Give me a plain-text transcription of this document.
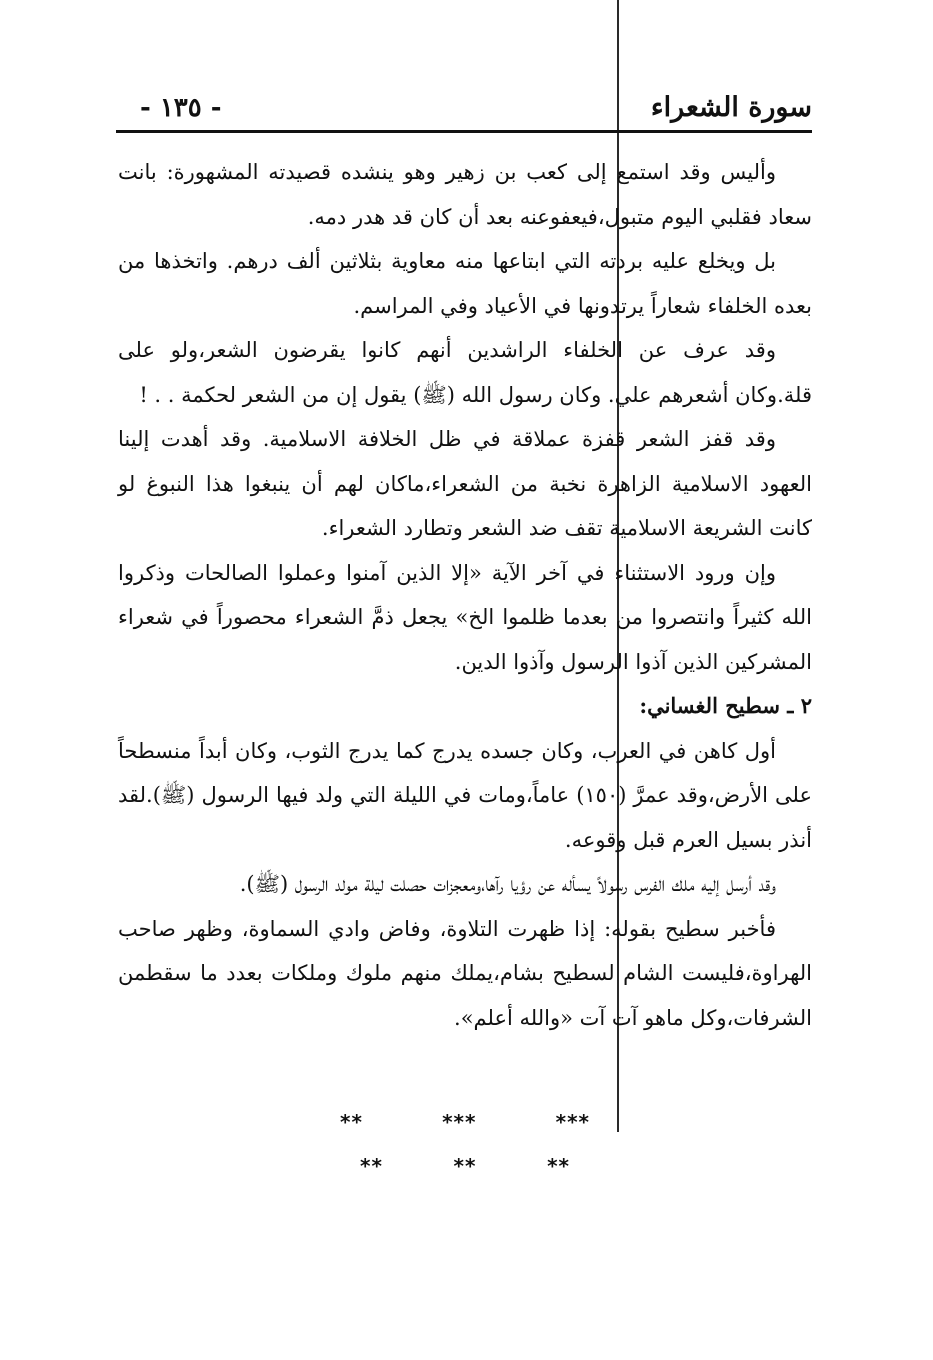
سورة الشعراء
- ١٣٥ -

وأليس وقد استمع إلى كعب بن زهير وهو ينشده قصيدته المشهورة: بانت سعاد فقلبي اليوم متبول،فيعفوعنه بعد أن كان قد هدر دمه.

بل ويخلع عليه بردته التي ابتاعها منه معاوية بثلاثين ألف درهم. واتخذها من بعده الخلفاء شعاراً يرتدونها في الأعياد وفي المراسم.

وقد عرف عن الخلفاء الراشدين أنهم كانوا يقرضون الشعر،ولو على قلة.وكان أشعرهم علي. وكان رسول الله (ﷺ) يقول إن من الشعر لحكمة . . !

وقد قفز الشعر قفزة عملاقة في ظل الخلافة الاسلامية. وقد أهدت إلينا العهود الاسلامية الزاهرة نخبة من الشعراء،ماكان لهم أن ينبغوا هذا النبوغ لو كانت الشريعة الاسلامية تقف ضد الشعر وتطارد الشعراء.

وإن ورود الاستثناء في آخر الآية «إلا الذين آمنوا وعملوا الصالحات وذكروا الله كثيراً وانتصروا من بعدما ظلموا الخ» يجعل ذمَّ الشعراء محصوراً في شعراء المشركين الذين آذوا الرسول وآذوا الدين.

٢ ـ سطيح الغساني:

أول كاهن في العرب، وكان جسده يدرج كما يدرج الثوب، وكان أبداً منسطحاً على الأرض،وقد عمرَّ (١٥٠) عاماً،ومات في الليلة التي ولد فيها الرسول (ﷺ).لقد أنذر بسيل العرم قبل وقوعه.

وقد أرسل إليه ملك الفرس رسولاً يسأله عن رؤيا رآها،ومعجزات حصلت ليلة مولد الرسول (ﷺ).

فأخبر سطيح بقوله: إذا ظهرت التلاوة، وفاض وادي السماوة، وظهر صاحب الهراوة،فليست الشام لسطيح بشام،يملك منهم ملوك وملكات بعدد ما سقطمن الشرفات،وكل ماهو آت آت «والله أعلم».

***
***
**
**
**
**
